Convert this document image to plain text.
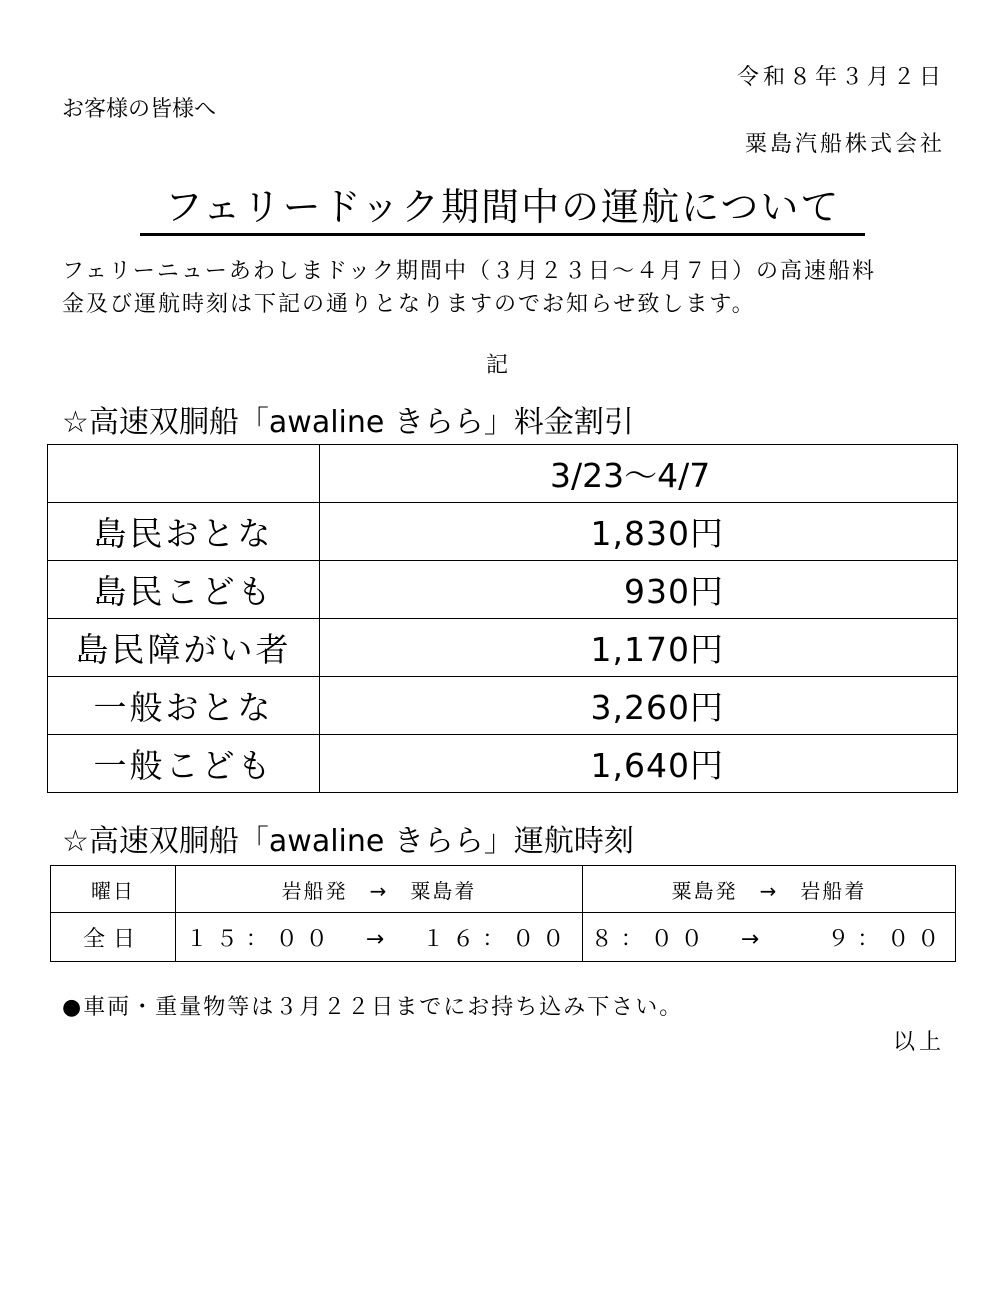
令和８年３月２日
お客様の皆様へ
粟島汽船株式会社
フェリードック期間中の運航について
フェリーニューあわしまドック期間中（３月２３日～４月７日）の高速船料
金及び運航時刻は下記の通りとなりますのでお知らせ致します。
記
☆高速双胴船「awaline きらら」料金割引
	3/23～4/7
島民おとな	1,830円
島民こども	930円
島民障がい者	1,170円
一般おとな	3,260円
一般こども	1,640円
☆高速双胴船「awaline きらら」運航時刻
曜日	岩船発　→　粟島着	粟島発　→　岩船着
全日	１５：００　→　１６：００	８：００　→　　９：００
●車両・重量物等は３月２２日までにお持ち込み下さい。
以上
